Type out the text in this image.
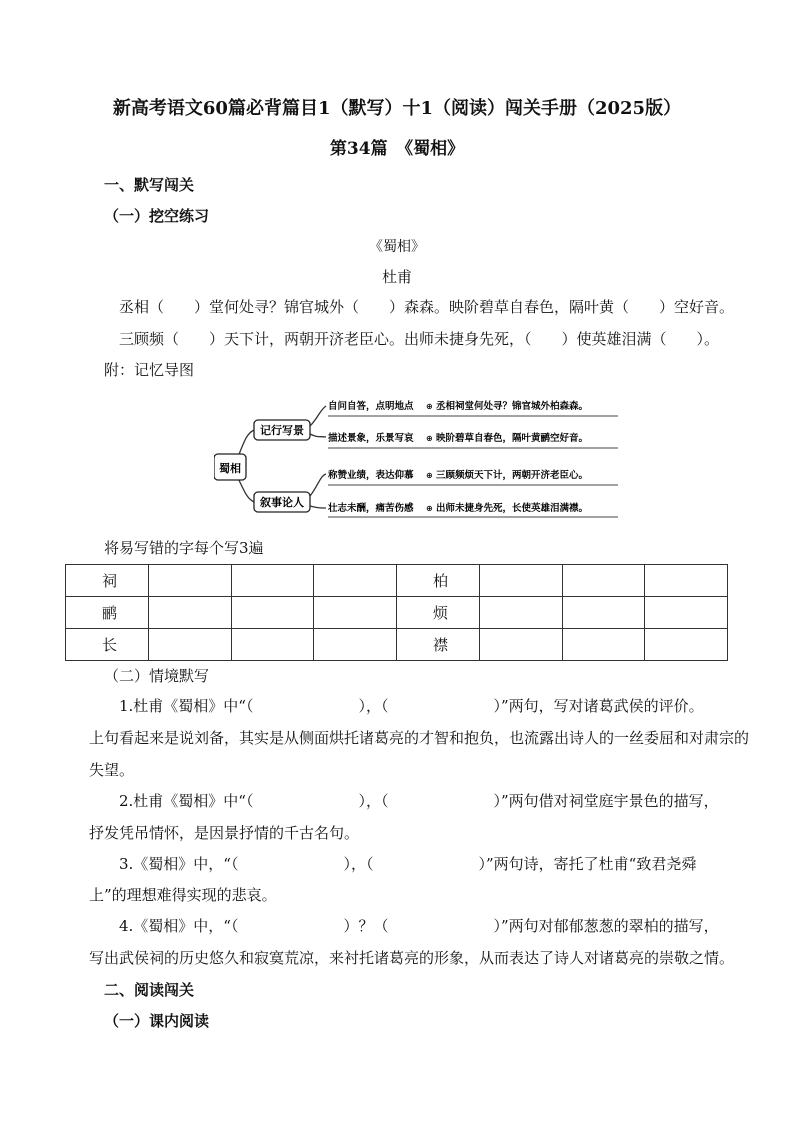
新高考语文60篇必背篇目1（默写）十1（阅读）闯关手册（2025版）
第34篇　《蜀相》
一、默写闯关
（一）挖空练习
《蜀相》
杜甫
丞相（　　）堂何处寻？锦官城外（　　）森森。映阶碧草自春色，隔叶黄（　　）空好音。
三顾频（　　）天下计，两朝开济老臣心。出师未捷身先死，（　　）使英雄泪满（　　）。
附：记忆导图
蜀相
记行写景
叙事论人
自问自答，点明地点 ⊕ 丞相祠堂何处寻？锦官城外柏森森。
描述景象，乐景写哀 ⊕ 映阶碧草自春色，隔叶黄鹂空好音。
称赞业绩，表达仰慕 ⊕ 三顾频烦天下计，两朝开济老臣心。
壮志未酬，痛苦伤感 ⊕ 出师未捷身先死，长使英雄泪满襟。
将易写错的字每个写3遍
祠				柏			
鹂				烦			
长				襟			
（二）情境默写
1.杜甫《蜀相》中“（　　　　　　　），（　　　　　　　）”两句，写对诸葛武侯的评价。
上句看起来是说刘备，其实是从侧面烘托诸葛亮的才智和抱负，也流露出诗人的一丝委屈和对肃宗的
失望。
2.杜甫《蜀相》中“（　　　　　　　），（　　　　　　　）”两句借对祠堂庭宇景色的描写，
抒发凭吊情怀，是因景抒情的千古名句。
3.《蜀相》中，“（　　　　　　　），（　　　　　　　）”两句诗，寄托了杜甫“致君尧舜
上”的理想难得实现的悲哀。
4.《蜀相》中，“（　　　　　　　）？（　　　　　　　）”两句对郁郁葱葱的翠柏的描写，
写出武侯祠的历史悠久和寂寞荒凉，来衬托诸葛亮的形象，从而表达了诗人对诸葛亮的崇敬之情。
二、阅读闯关
（一）课内阅读
